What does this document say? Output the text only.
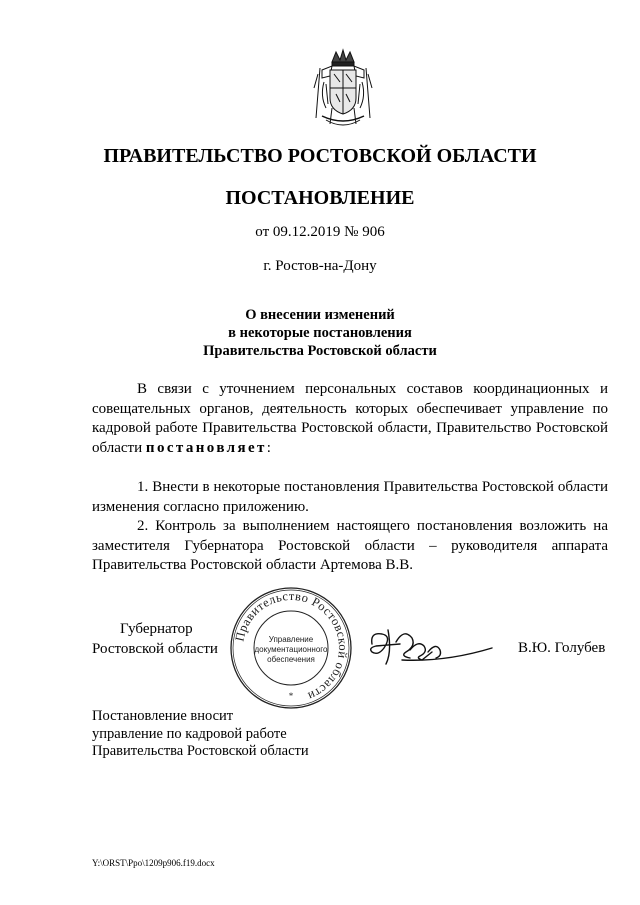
ПРАВИТЕЛЬСТВО РОСТОВСКОЙ ОБЛАСТИ
ПОСТАНОВЛЕНИЕ
от 09.12.2019 № 906
г. Ростов-на-Дону
О внесении изменений
в некоторые постановления
Правительства Ростовской области
В связи с уточнением персональных составов координационных и совещательных органов, деятельность которых обеспечивает управление по кадровой работе Правительства Ростовской области, Правительство Ростовской области постановляет:
1. Внести в некоторые постановления Правительства Ростовской области изменения согласно приложению.
2. Контроль за выполнением настоящего постановления возложить на заместителя Губернатора Ростовской области – руководителя аппарата Правительства Ростовской области Артемова В.В.
Губернатор
Ростовской области
Правительство Ростовской области
Управление
документационного
обеспечения
*
В.Ю. Голубев
Постановление вносит
управление по кадровой работе
Правительства Ростовской области
Y:\ORST\Ppo\1209p906.f19.docx
